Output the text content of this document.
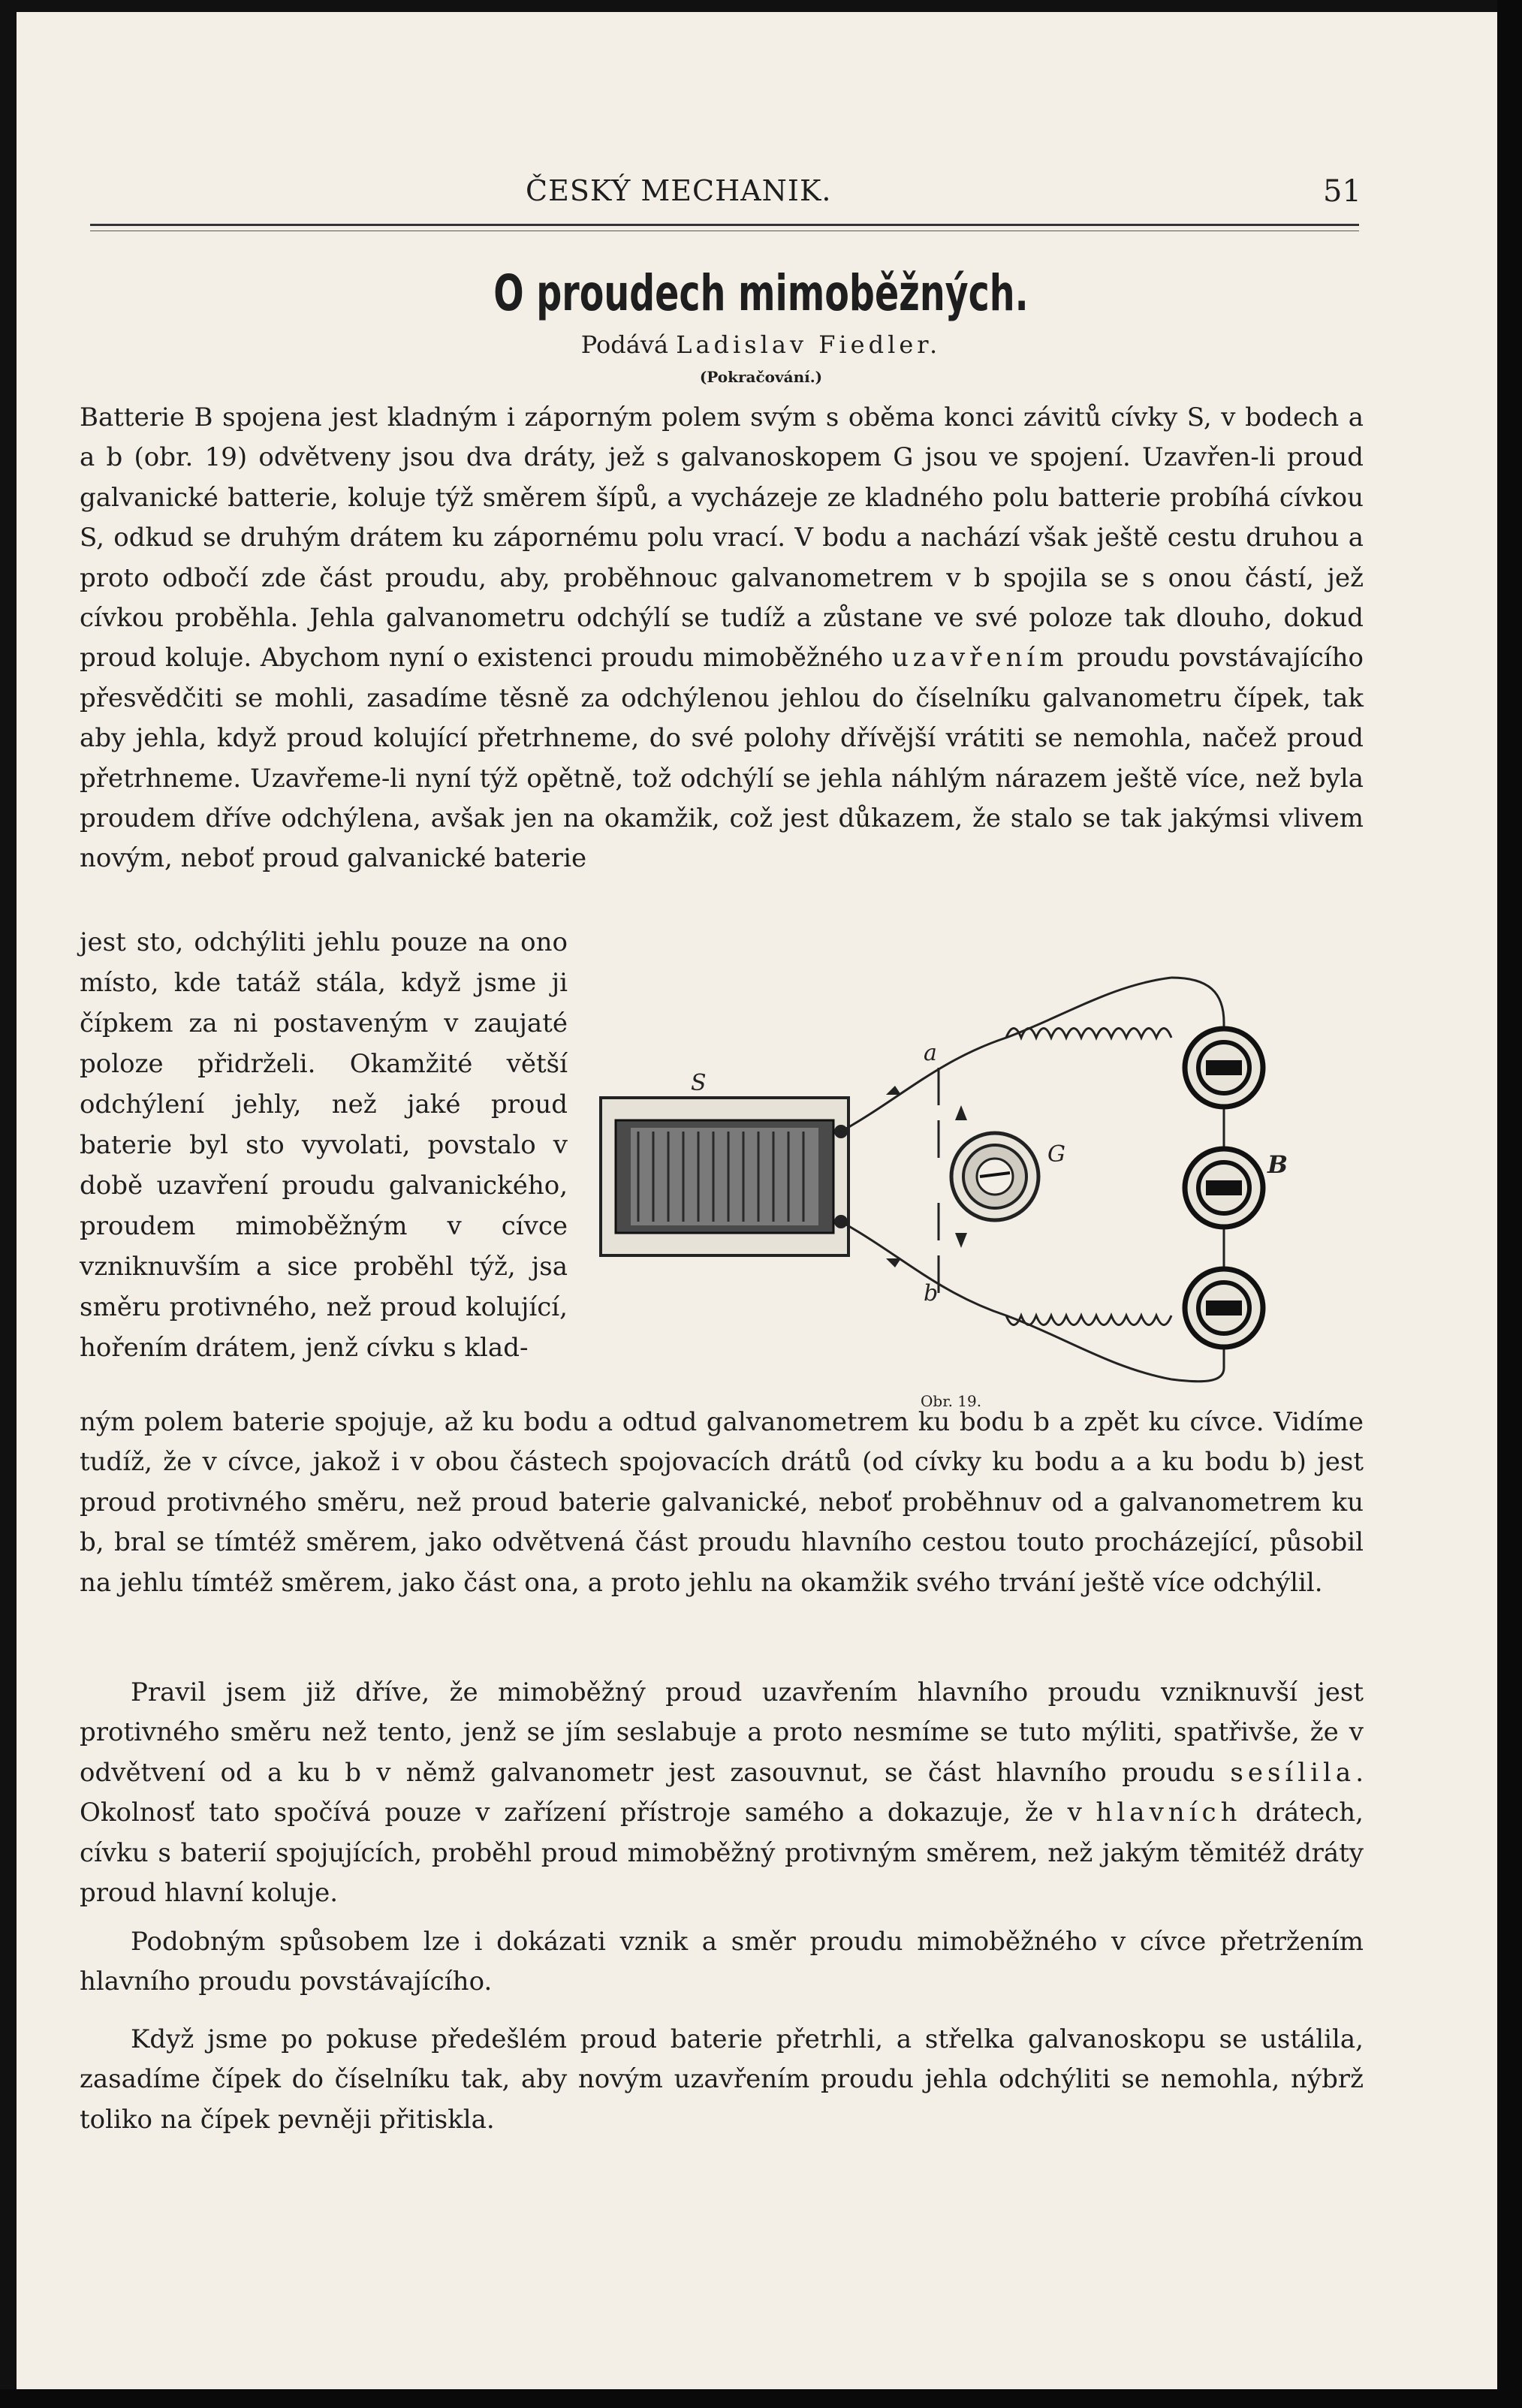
ČESKÝ MECHANIK.	51
O proudech mimoběžných.
Podává Ladislav Fiedler.
(Pokračování.)

Batterie B spojena jest kladným i záporným polem svým s oběma konci závitů cívky S, v bodech a a b (obr. 19) odvětveny jsou dva dráty, jež s galvanoskopem G jsou ve spojení. Uzavřen-li proud galvanické batterie, koluje týž směrem šípů, a vycházeje ze kladného polu batterie probíhá cívkou S, odkud se druhým drátem ku zápornému polu vrací. V bodu a nachází však ještě cestu druhou a proto odbočí zde část proudu, aby, proběhnouc galvanometrem v b spojila se s onou částí, jež cívkou proběhla. Jehla galvanometru odchýlí se tudíž a zůstane ve své poloze tak dlouho, dokud proud koluje. Abychom nyní o existenci proudu mimoběžného uzavřením proudu povstávajícího přesvědčiti se mohli, zasadíme těsně za odchýlenou jehlou do číselníku galvanometru čípek, tak aby jehla, když proud kolující přetrhneme, do své polohy dřívější vrátiti se nemohla, načež proud přetrhneme. Uzavřeme-li nyní týž opětně, tož odchýlí se jehla náhlým nárazem ještě více, než byla proudem dříve odchýlena, avšak jen na okamžik, což jest důkazem, že stalo se tak jakýmsi vlivem novým, neboť proud galvanické baterie

jest sto, odchýliti jehlu pouze na ono místo, kde tatáž stála, když jsme ji čípkem za ni postaveným v zaujaté poloze přidrželi. Okamžité větší odchýlení jehly, než jaké proud baterie byl sto vyvolati, povstalo v době uzavření proudu galvanického, proudem mimoběžným v cívce vzniknuvším a sice proběhl týž, jsa směru protivného, než proud kolující, hořením drátem, jenž cívku s klad-

ným polem baterie spojuje, až ku bodu a odtud galvanometrem ku bodu b a zpět ku cívce. Vidíme tudíž, že v cívce, jakož i v obou částech spojovacích drátů (od cívky ku bodu a a ku bodu b) jest proud protivného směru, než proud baterie galvanické, neboť proběhnuv od a galvanometrem ku b, bral se tímtéž směrem, jako odvětvená část proudu hlavního cestou touto procházející, působil na jehlu tímtéž směrem, jako část ona, a proto jehlu na okamžik svého trvání ještě více odchýlil.

  Pravil jsem již dříve, že mimoběžný proud uzavřením hlavního proudu vzniknuvší jest protivného směru než tento, jenž se jím seslabuje a proto nesmíme se tuto mýliti, spatřivše, že v odvětvení od a ku b v němž galvanometr jest zasouvnut, se část hlavního proudu sesílila. Okolnosť tato spočívá pouze v zařízení přístroje samého a dokazuje, že v hlavních drátech, cívku s baterií spojujících, proběhl proud mimoběžný protivným směrem, než jakým těmitéž dráty proud hlavní koluje.

  Podobným spůsobem lze i dokázati vznik a směr proudu mimoběžného v cívce přetržením hlavního proudu povstávajícího.

  Když jsme po pokuse předešlém proud baterie přetrhli, a střelka galvanoskopu se ustálila, zasadíme čípek do číselníku tak, aby novým uzavřením proudu jehla odchýliti se nemohla, nýbrž toliko na čípek pevněji přitiskla.

S
a
b
G	B
Obr. 19.
